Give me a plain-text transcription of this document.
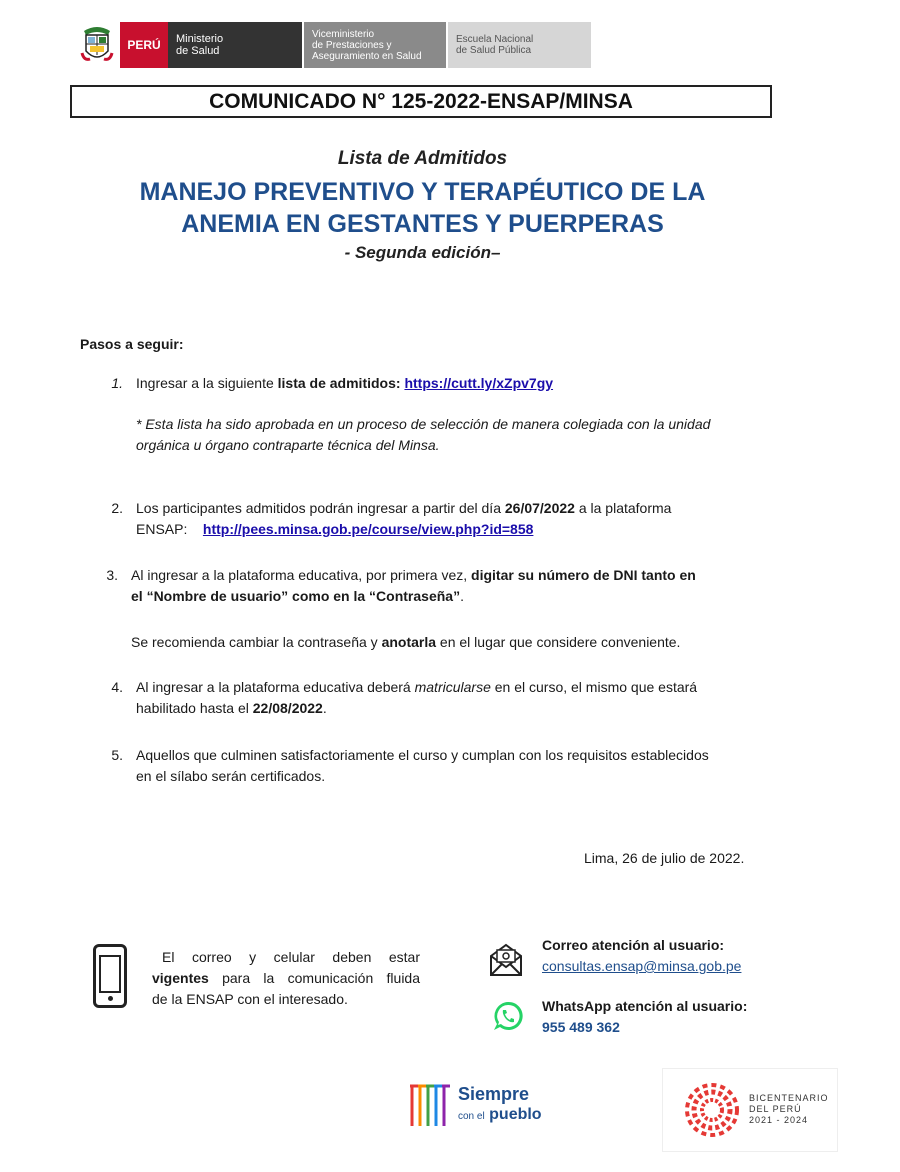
PERÚ	Ministerio
de Salud
Viceministerio
de Prestaciones y
Aseguramiento en Salud
Escuela Nacional
de Salud Pública
COMUNICADO N° 125-2022-ENSAP/MINSA
Lista de Admitidos
MANEJO PREVENTIVO Y TERAPÉUTICO DE LA
ANEMIA EN GESTANTES Y PUERPERAS
- Segunda edición–
Pasos a seguir:
1. Ingresar a la siguiente lista de admitidos: https://cutt.ly/xZpv7gy
* Esta lista ha sido aprobada en un proceso de selección de manera colegiada con la unidad
orgánica u órgano contraparte técnica del Minsa.
2. Los participantes admitidos podrán ingresar a partir del día 26/07/2022 a la plataforma
ENSAP: http://pees.minsa.gob.pe/course/view.php?id=858
3. Al ingresar a la plataforma educativa, por primera vez, digitar su número de DNI tanto en
el “Nombre de usuario” como en la “Contraseña”.
Se recomienda cambiar la contraseña y anotarla en el lugar que considere conveniente.
4. Al ingresar a la plataforma educativa deberá matricularse en el curso, el mismo que estará
habilitado hasta el 22/08/2022.
5. Aquellos que culminen satisfactoriamente el curso y cumplan con los requisitos establecidos
en el sílabo serán certificados.
Lima, 26 de julio de 2022.
El correo y celular deben estar
vigentes para la comunicación fluida
de la ENSAP con el interesado.
Correo atención al usuario:
consultas.ensap@minsa.gob.pe
WhatsApp atención al usuario:
955 489 362
Siempre
con el pueblo
BICENTENARIO
DEL PERÚ
2021 - 2024
